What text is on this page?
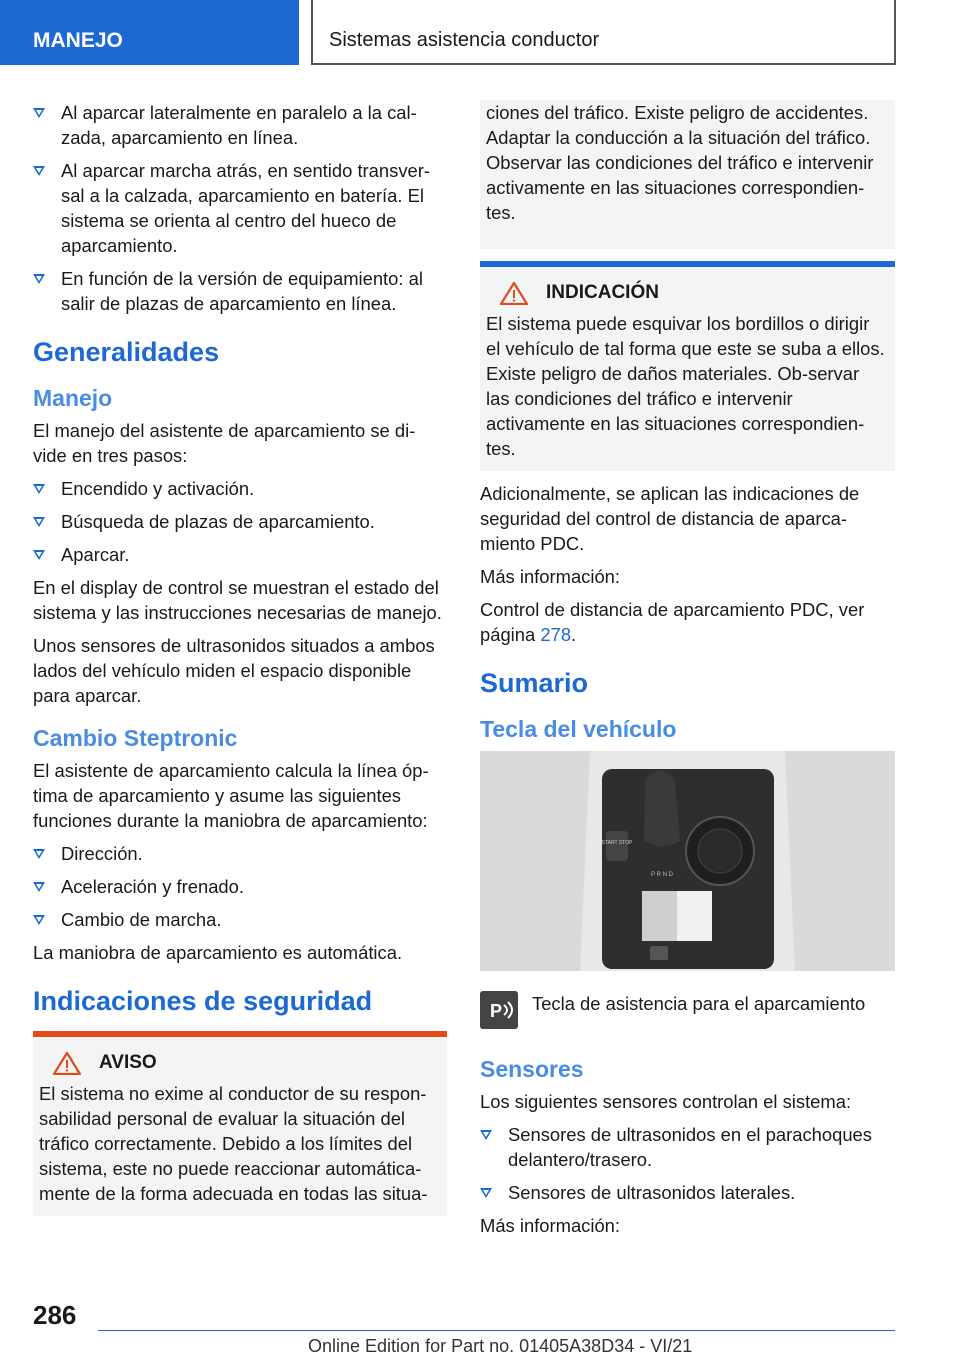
MANEJO	Sistemas asistencia conductor
Al aparcar lateralmente en paralelo a la cal-zada, aparcamiento en línea.
Al aparcar marcha atrás, en sentido transver-sal a la calzada, aparcamiento en batería. El sistema se orienta al centro del hueco de aparcamiento.
En función de la versión de equipamiento: al salir de plazas de aparcamiento en línea.
Generalidades
Manejo

El manejo del asistente de aparcamiento se di-vide en tres pasos:

Encendido y activación.
Búsqueda de plazas de aparcamiento.
Aparcar.

En el display de control se muestran el estado del sistema y las instrucciones necesarias de manejo.

Unos sensores de ultrasonidos situados a ambos lados del vehículo miden el espacio disponible para aparcar.

Cambio Steptronic

El asistente de aparcamiento calcula la línea óp-tima de aparcamiento y asume las siguientes funciones durante la maniobra de aparcamiento:

Dirección.
Aceleración y frenado.
Cambio de marcha.

La maniobra de aparcamiento es automática.

Indicaciones de seguridad
AVISO

El sistema no exime al conductor de su respon-sabilidad personal de evaluar la situación del tráfico correctamente. Debido a los límites del sistema, este no puede reaccionar automática-mente de la forma adecuada en todas las situa-

ciones del tráfico. Existe peligro de accidentes. Adaptar la conducción a la situación del tráfico. Observar las condiciones del tráfico e intervenir activamente en las situaciones correspondien-tes.

INDICACIÓN

El sistema puede esquivar los bordillos o dirigir el vehículo de tal forma que este se suba a ellos. Existe peligro de daños materiales. Ob-servar las condiciones del tráfico e intervenir activamente en las situaciones correspondien-tes.

Adicionalmente, se aplican las indicaciones de seguridad del control de distancia de aparca-miento PDC.

Más información:

Control de distancia de aparcamiento PDC, ver página 278.

Sumario
Tecla del vehículo
START STOP
P R N D
P Tecla de asistencia para el aparcamiento

Sensores

Los siguientes sensores controlan el sistema:

Sensores de ultrasonidos en el parachoques delantero/trasero.
Sensores de ultrasonidos laterales.

Más información:

286
Online Edition for Part no. 01405A38D34 - VI/21
